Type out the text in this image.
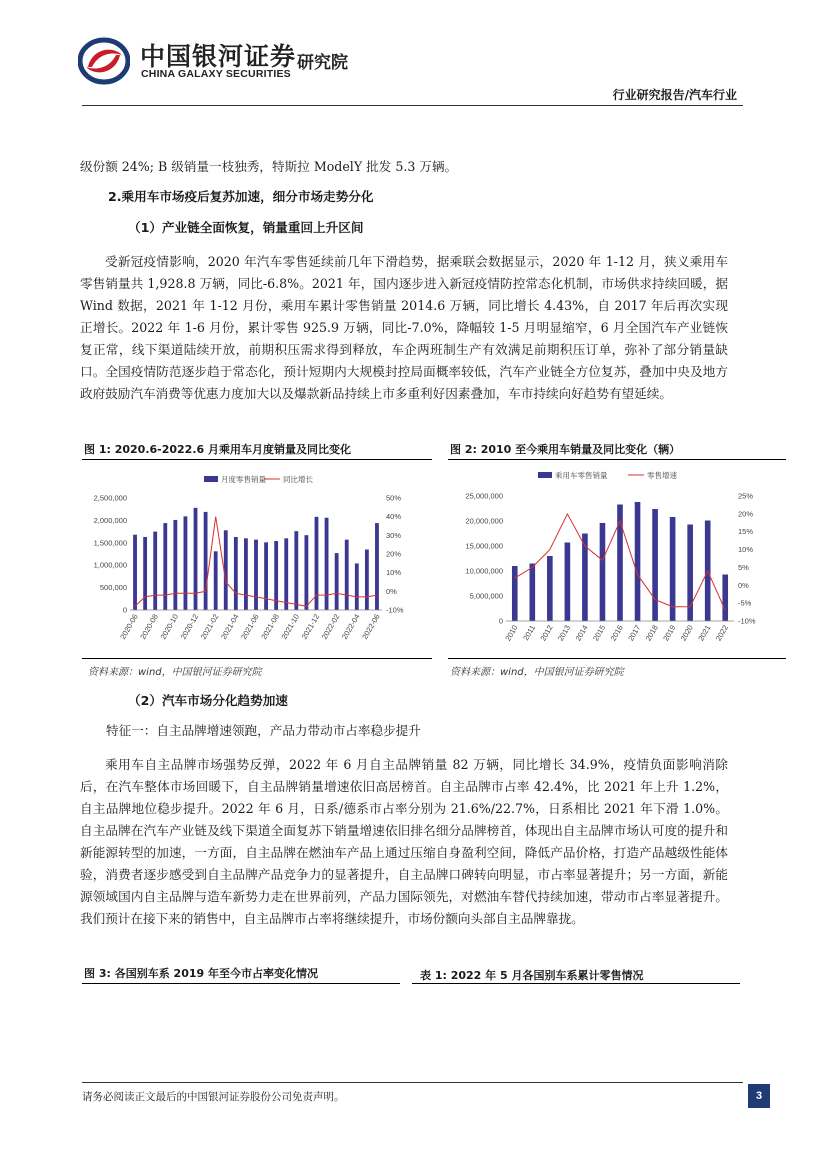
中国银河证券
CHINA GALAXY SECURITIES
研究院
行业研究报告/汽车行业
级份额 24%; B 级销量一枝独秀，特斯拉 ModelY 批发 5.3 万辆。
2.乘用车市场疫后复苏加速，细分市场走势分化
（1）产业链全面恢复，销量重回上升区间
受新冠疫情影响，2020 年汽车零售延续前几年下滑趋势，据乘联会数据显示，2020 年 1-12 月，狭义乘用车零售销量共 1,928.8 万辆，同比-6.8%。2021 年，国内逐步进入新冠疫情防控常态化机制，市场供求持续回暖，据 Wind 数据，2021 年 1-12 月份，乘用车累计零售销量 2014.6 万辆，同比增长 4.43%，自 2017 年后再次实现正增长。2022 年 1-6 月份，累计零售 925.9 万辆，同比-7.0%，降幅较 1-5 月明显缩窄，6 月全国汽车产业链恢复正常，线下渠道陆续开放，前期积压需求得到释放，车企两班制生产有效满足前期积压订单，弥补了部分销量缺口。全国疫情防范逐步趋于常态化，预计短期内大规模封控局面概率较低，汽车产业链全方位复苏，叠加中央及地方政府鼓励汽车消费等优惠力度加大以及爆款新品持续上市多重利好因素叠加，车市持续向好趋势有望延续。
图 1: 2020.6-2022.6 月乘用车月度销量及同比变化
月度零售销量 同比增长
0
500,000
1,000,000
1,500,000
2,000,000
2,500,000
-10%
0%
10%
20%
30%
40%
50%
2020-06
2020-08
2020-10
2020-12
2021-02
2021-04
2021-06
2021-08
2021-10
2021-12
2022-02
2022-04
2022-06
资料来源：wind，中国银河证券研究院
图 2: 2010 至今乘用车销量及同比变化（辆）
乘用车零售销量	零售增速
0
5,000,000
10,000,000
15,000,000
20,000,000
25,000,000
-10%
-5%
0%
5%
10%
15%
20%
25%
2010 2011 2012 2013 2014 2015 2016 2017 2018 2019 2020 2021 2022
资料来源：wind，中国银河证券研究院
（2）汽车市场分化趋势加速
特征一：自主品牌增速领跑，产品力带动市占率稳步提升
乘用车自主品牌市场强势反弹，2022 年 6 月自主品牌销量 82 万辆，同比增长 34.9%，疫情负面影响消除后，在汽车整体市场回暖下，自主品牌销量增速依旧高居榜首。自主品牌市占率 42.4%，比 2021 年上升 1.2%，自主品牌地位稳步提升。2022 年 6 月，日系/德系市占率分别为 21.6%/22.7%，日系相比 2021 年下滑 1.0%。自主品牌在汽车产业链及线下渠道全面复苏下销量增速依旧排名细分品牌榜首，体现出自主品牌市场认可度的提升和新能源转型的加速，一方面，自主品牌在燃油车产品上通过压缩自身盈利空间，降低产品价格，打造产品越级性能体验，消费者逐步感受到自主品牌产品竞争力的显著提升，自主品牌口碑转向明显，市占率显著提升；另一方面，新能源领域国内自主品牌与造车新势力走在世界前列，产品力国际领先，对燃油车替代持续加速，带动市占率显著提升。我们预计在接下来的销售中，自主品牌市占率将继续提升，市场份额向头部自主品牌靠拢。
图 3: 各国别车系 2019 年至今市占率变化情况	表 1: 2022 年 5 月各国别车系累计零售情况
请务必阅读正文最后的中国银河证券股份公司免责声明。	3
